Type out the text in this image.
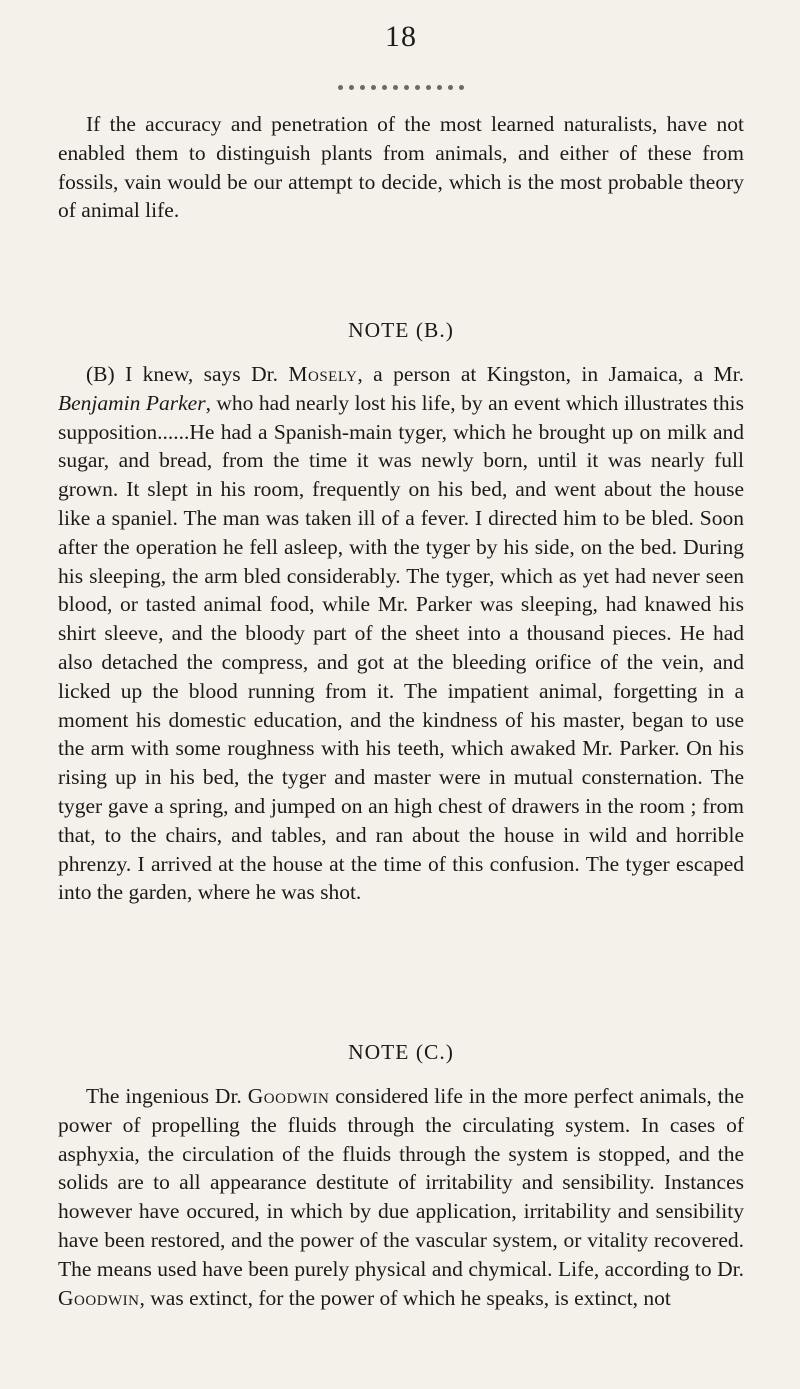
18

If the accuracy and penetration of the most learned naturalists, have not enabled them to distinguish plants from animals, and either of these from fossils, vain would be our attempt to decide, which is the most probable theory of animal life.

NOTE (B.)

(B) I knew, says Dr. Mosely, a person at Kingston, in Jamaica, a Mr. Benjamin Parker, who had nearly lost his life, by an event which illustrates this supposition......He had a Spanish-main tyger, which he brought up on milk and sugar, and bread, from the time it was newly born, until it was nearly full grown. It slept in his room, frequently on his bed, and went about the house like a spaniel. The man was taken ill of a fever. I directed him to be bled. Soon after the operation he fell asleep, with the tyger by his side, on the bed. During his sleeping, the arm bled considerably. The tyger, which as yet had never seen blood, or tasted animal food, while Mr. Parker was sleeping, had knawed his shirt sleeve, and the bloody part of the sheet into a thousand pieces. He had also detached the compress, and got at the bleeding orifice of the vein, and licked up the blood running from it. The impatient animal, forgetting in a moment his domestic education, and the kindness of his master, began to use the arm with some roughness with his teeth, which awaked Mr. Parker. On his rising up in his bed, the tyger and master were in mutual consternation. The tyger gave a spring, and jumped on an high chest of drawers in the room ; from that, to the chairs, and tables, and ran about the house in wild and horrible phrenzy. I arrived at the house at the time of this confusion. The tyger escaped into the garden, where he was shot.

NOTE (C.)

The ingenious Dr. Goodwin considered life in the more perfect animals, the power of propelling the fluids through the circulating system. In cases of asphyxia, the circulation of the fluids through the system is stopped, and the solids are to all appearance destitute of irritability and sensibility. Instances however have occured, in which by due application, irritability and sensibility have been restored, and the power of the vascular system, or vitality recovered. The means used have been purely physical and chymical. Life, according to Dr. Goodwin, was extinct, for the power of which he speaks, is extinct, not
